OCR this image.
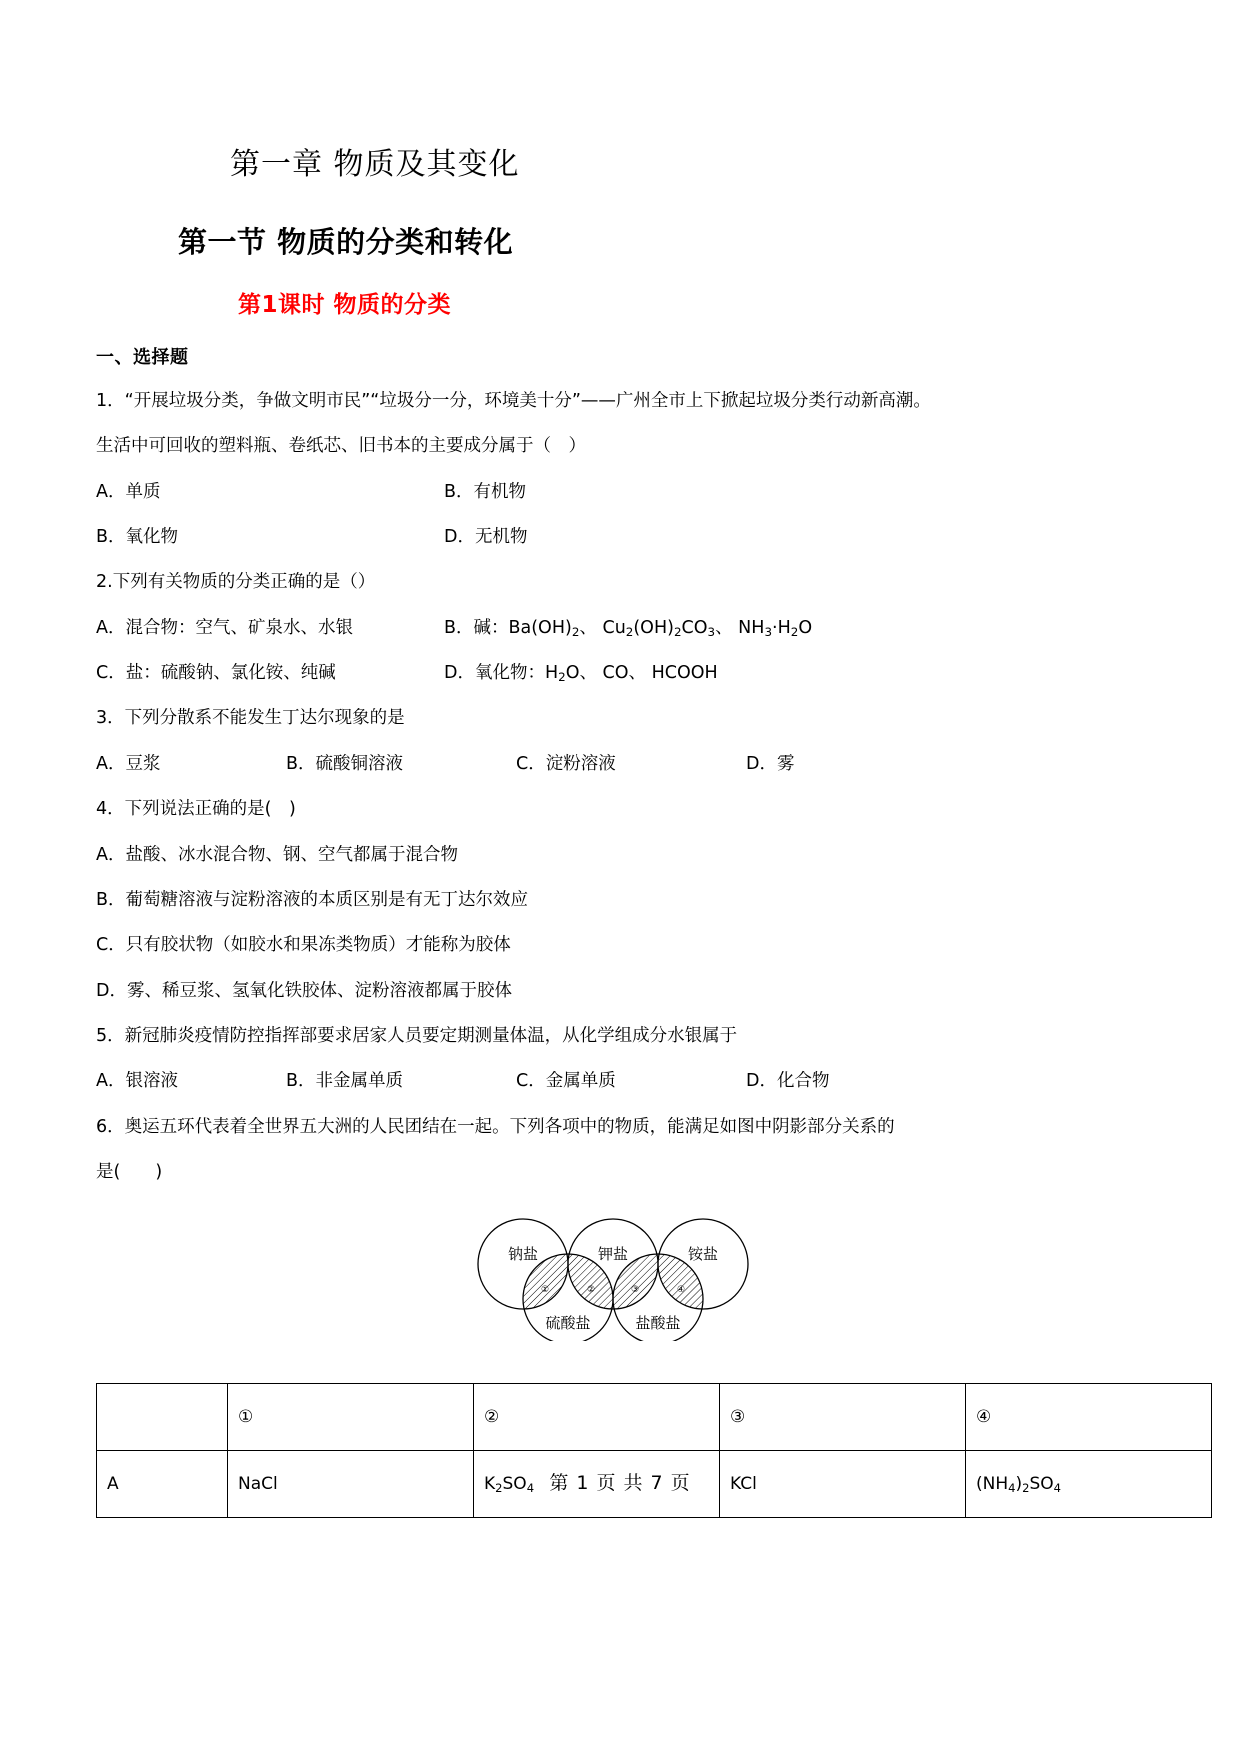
第一章 物质及其变化
第一节 物质的分类和转化
第1课时 物质的分类
一、选择题
1．“开展垃圾分类，争做文明市民”“垃圾分一分，环境美十分”——广州全市上下掀起垃圾分类行动新高潮。
生活中可回收的塑料瓶、卷纸芯、旧书本的主要成分属于（　）
A．单质	B．有机物
B．氧化物	D．无机物
2.下列有关物质的分类正确的是（）
A．混合物：空气、矿泉水、水银	B．碱：$Ba(OH)_2$、 $Cu_2(OH)_2CO_3$、 $NH_3\cdot H_2O$
C．盐：硫酸钠、氯化铵、纯碱	D．氧化物：$H_2O$、 CO、 HCOOH
3．下列分散系不能发生丁达尔现象的是
A．豆浆	B．硫酸铜溶液	C．淀粉溶液	D．雾
4．下列说法正确的是(　)
A．盐酸、冰水混合物、钢、空气都属于混合物
B．葡萄糖溶液与淀粉溶液的本质区别是有无丁达尔效应
C．只有胶状物（如胶水和果冻类物质）才能称为胶体
D．雾、稀豆浆、氢氧化铁胶体、淀粉溶液都属于胶体
5．新冠肺炎疫情防控指挥部要求居家人员要定期测量体温，从化学组成分水银属于
A．银溶液	B．非金属单质	C．金属单质	D．化合物
6．奥运五环代表着全世界五大洲的人民团结在一起。下列各项中的物质，能满足如图中阴影部分关系的
是(　　)
钠盐	钾盐	铵盐
硫酸盐	盐酸盐
①	②	③	④
	①	②	③	④
A	NaCl	$K_2SO_4$	KCl	$(NH_4)_2SO_4$
第 1 页 共 7 页
